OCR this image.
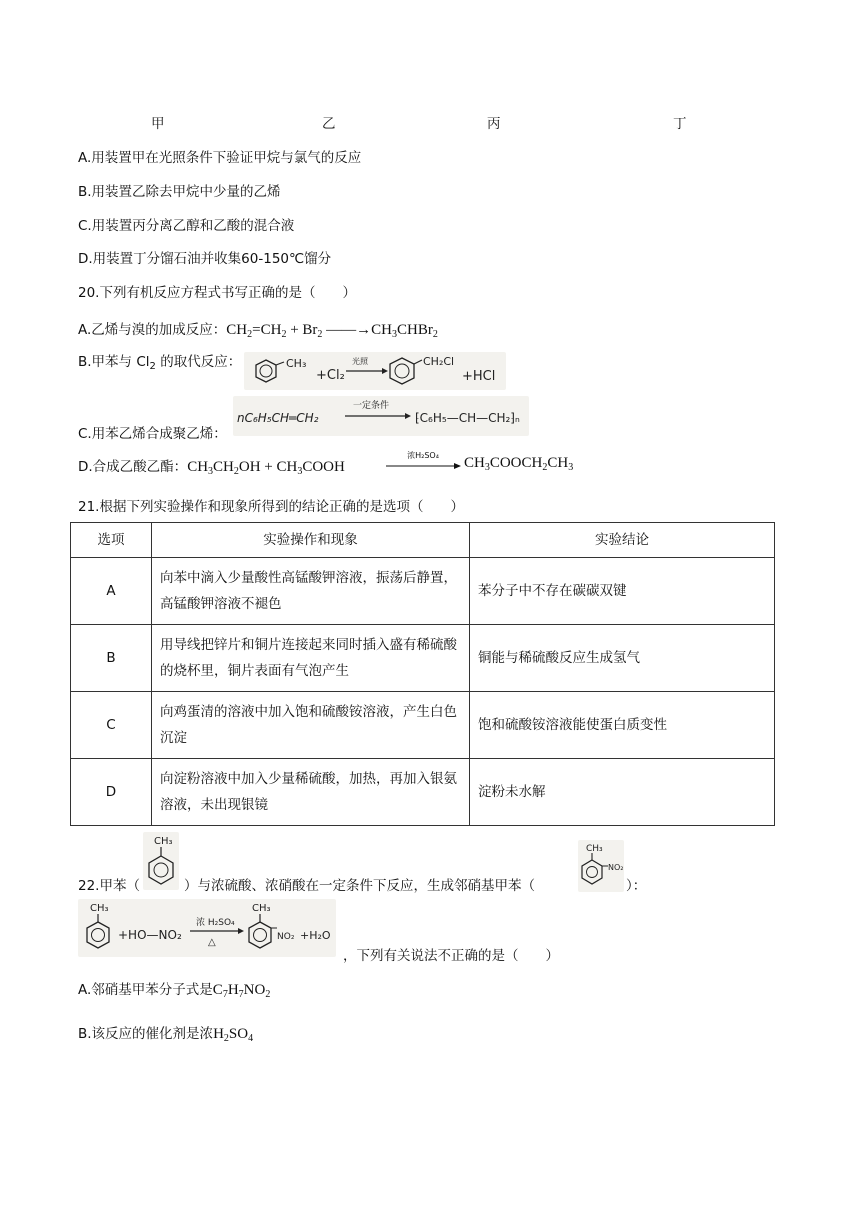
甲	乙	丙	丁
A.用装置甲在光照条件下验证甲烷与氯气的反应
B.用装置乙除去甲烷中少量的乙烯
C.用装置丙分离乙醇和乙酸的混合液
D.用装置丁分馏石油并收集60-150℃馏分
20.下列有机反应方程式书写正确的是（　　）
A.乙烯与溴的加成反应：$CH_2=CH_2 + Br_2$ $——\to CH_3CHBr_2$
B.甲苯与 $Cl_2$ 的取代反应：	CH₃
+Cl₂
光照	CH₂Cl
+HCl
C.用苯乙烯合成聚乙烯：
nC₆H₅CH═CH₂
一定条件
⁅C₆H₅—CH—CH₂⁆ₙ
D.合成乙酸乙酯：$CH_3CH_2OH$ + $CH_3COOH$
浓H₂SO₄	$CH_3COOCH_2CH_3$
21.根据下列实验操作和现象所得到的结论正确的是选项（　　）
选项	实验操作和现象	实验结论
A	向苯中滴入少量酸性高锰酸钾溶液，振荡后静置，高锰酸钾溶液不褪色	苯分子中不存在碳碳双键
B	用导线把锌片和铜片连接起来同时插入盛有稀硫酸的烧杯里，铜片表面有气泡产生	铜能与稀硫酸反应生成氢气
C	向鸡蛋清的溶液中加入饱和硫酸铵溶液，产生白色沉淀	饱和硫酸铵溶液能使蛋白质变性
D	向淀粉溶液中加入少量稀硫酸，加热，再加入银氨溶液，未出现银镜	淀粉未水解
22.甲苯（
CH₃
）与浓硫酸、浓硝酸在一定条件下反应，生成邻硝基甲苯（
CH₃
NO₂
）：
CH₃
+HO—NO₂
浓 H₂SO₄
△
CH₃
NO₂ +H₂O
，下列有关说法不正确的是（　　）
A.邻硝基甲苯分子式是$C_7H_7NO_2$
B.该反应的催化剂是浓$H_2SO_4$
